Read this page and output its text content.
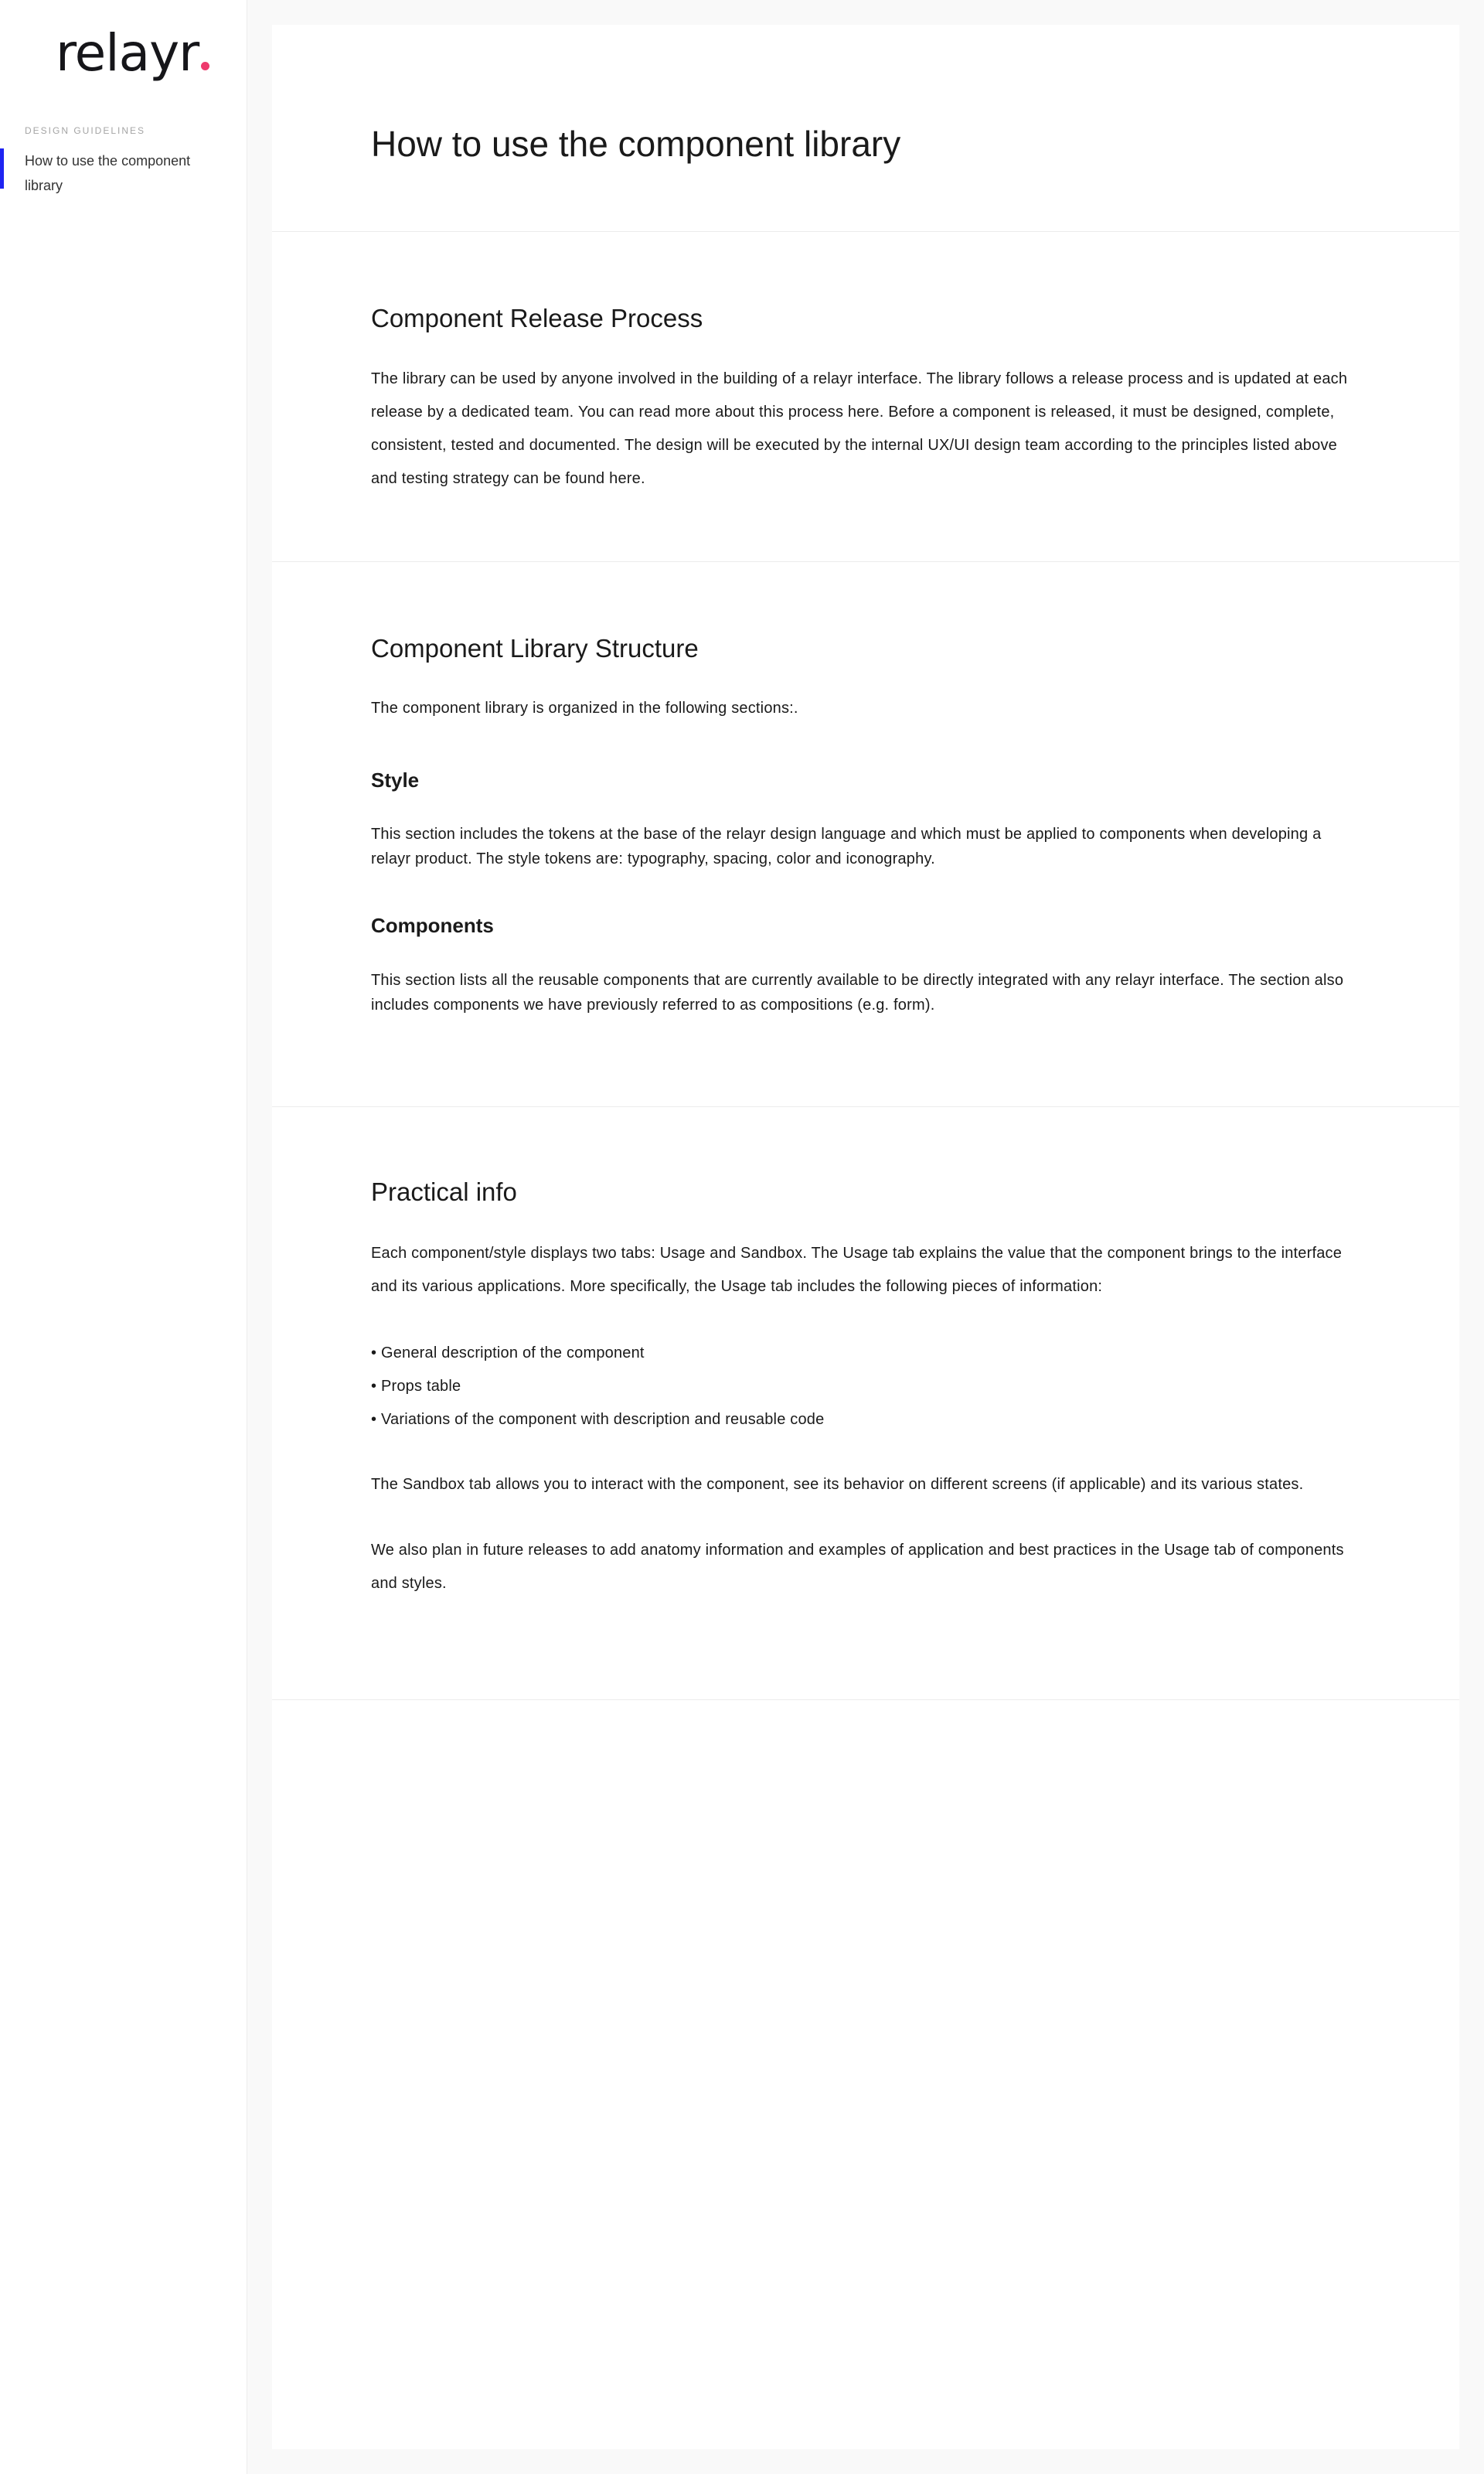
relayr
DESIGN GUIDELINES
How to use the component library
How to use the component library
Component Release Process

The library can be used by anyone involved in the building of a relayr interface. The library follows a release process and is updated at each release by a dedicated team. You can read more about this process here. Before a component is released, it must be designed, complete, consistent, tested and documented. The design will be executed by the internal UX/UI design team according to the principles listed above and testing strategy can be found here.

Component Library Structure

The component library is organized in the following sections:.

Style

This section includes the tokens at the base of the relayr design language and which must be applied to components when developing a relayr product. The style tokens are: typography, spacing, color and iconography.

Components

This section lists all the reusable components that are currently available to be directly integrated with any relayr interface. The section also includes components we have previously referred to as compositions (e.g. form).

Practical info

Each component/style displays two tabs: Usage and Sandbox. The Usage tab explains the value that the component brings to the interface and its various applications. More specifically, the Usage tab includes the following pieces of information:

• General description of the component
• Props table
• Variations of the component with description and reusable code

The Sandbox tab allows you to interact with the component, see its behavior on different screens (if applicable) and its various states.

We also plan in future releases to add anatomy information and examples of application and best practices in the Usage tab of components and styles.
